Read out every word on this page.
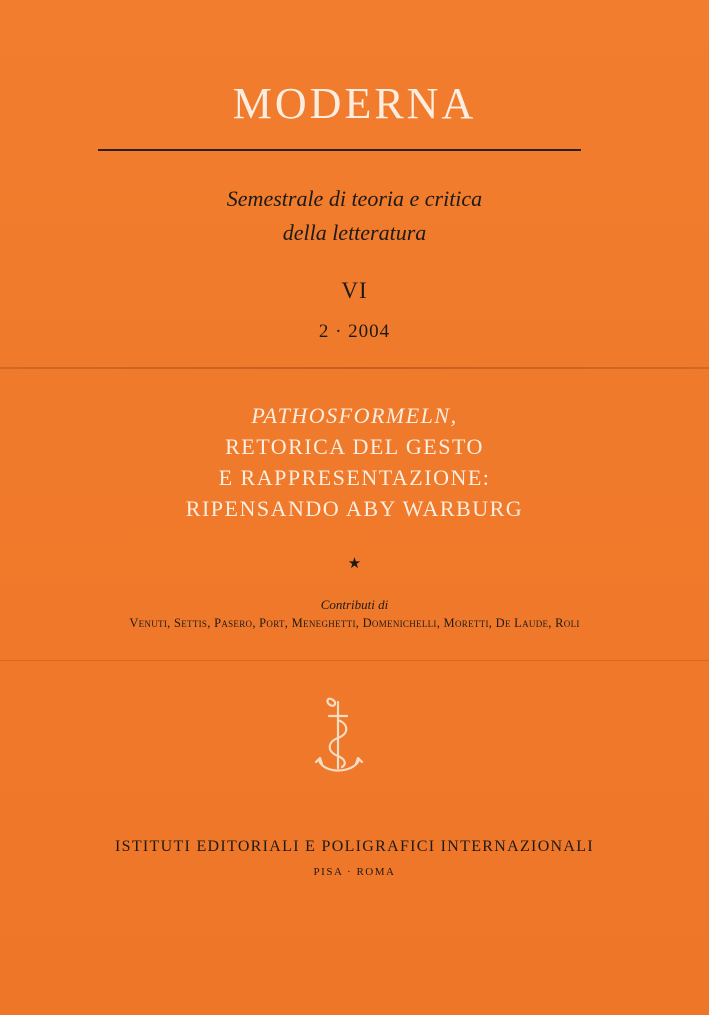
MODERNA
Semestrale di teoria e critica
della letteratura
VI
2 · 2004
PATHOSFORMELN,
RETORICA DEL GESTO
E RAPPRESENTAZIONE:
RIPENSANDO ABY WARBURG
★
Contributi di
Venuti, Settis, Pasero, Port, Meneghetti, Domenichelli, Moretti, De Laude, Roli
ISTITUTI EDITORIALI E POLIGRAFICI INTERNAZIONALI
PISA · ROMA
